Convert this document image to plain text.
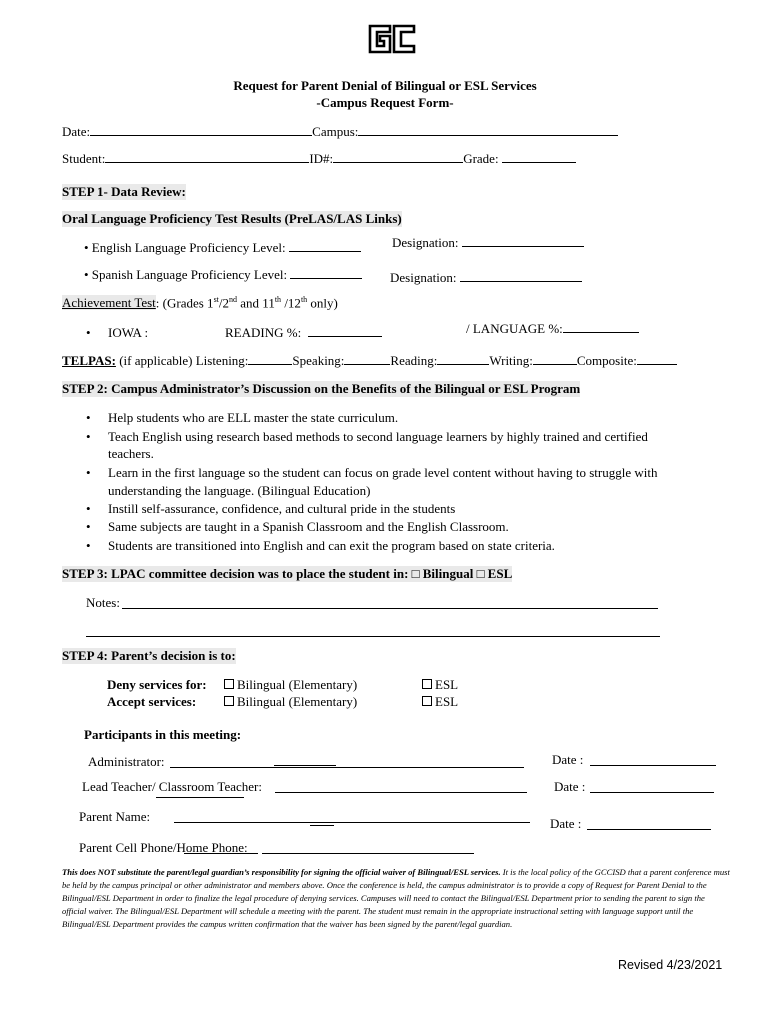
Request for Parent Denial of Bilingual or ESL Services
-Campus Request Form-
Date:	Campus:
Student:	ID#:	Grade:
STEP 1- Data Review:
Oral Language Proficiency Test Results (PreLAS/LAS Links)
• English Language Proficiency Level:	Designation:
• Spanish Language Proficiency Level:	Designation:
Achievement Test: (Grades 1st/2nd and 11th /12th only)
• IOWA :	READING %:	/ LANGUAGE %:
TELPAS: (if applicable) Listening:	Speaking:	Reading:	Writing:	Composite:
STEP 2: Campus Administrator’s Discussion on the Benefits of the Bilingual or ESL Program
• Help students who are ELL master the state curriculum.
• Teach English using research based methods to second language learners by highly trained and certified
teachers.
• Learn in the first language so the student can focus on grade level content without having to struggle with
understanding the language. (Bilingual Education)
• Instill self-assurance, confidence, and cultural pride in the students
• Same subjects are taught in a Spanish Classroom and the English Classroom.
• Students are transitioned into English and can exit the program based on state criteria.
STEP 3: LPAC committee decision was to place the student in: □ Bilingual □ ESL
Notes:
STEP 4: Parent’s decision is to:
Deny services for:	Bilingual (Elementary)	ESL
Accept services:	Bilingual (Elementary)	ESL
Participants in this meeting:
Administrator:	Date :
Lead Teacher/ Classroom Teacher:	Date :
Parent Name:	Date :
Parent Cell Phone/Home Phone:
This does NOT substitute the parent/legal guardian’s responsibility for signing the official waiver of Bilingual/ESL services. It is the local policy of the GCCISD that a parent conference must be held by the campus principal or other administrator and members above. Once the conference is held, the campus administrator is to provide a copy of Request for Parent Denial to the Bilingual/ESL Department in order to finalize the legal procedure of denying services. Campuses will need to contact the Bilingual/ESL Department prior to sending the parent to sign the official waiver. The Bilingual/ESL Department will schedule a meeting with the parent. The student must remain in the appropriate instructional setting with language support until the Bilingual/ESL Department provides the campus written confirmation that the waiver has been signed by the parent/legal guardian.
Revised 4/23/2021
